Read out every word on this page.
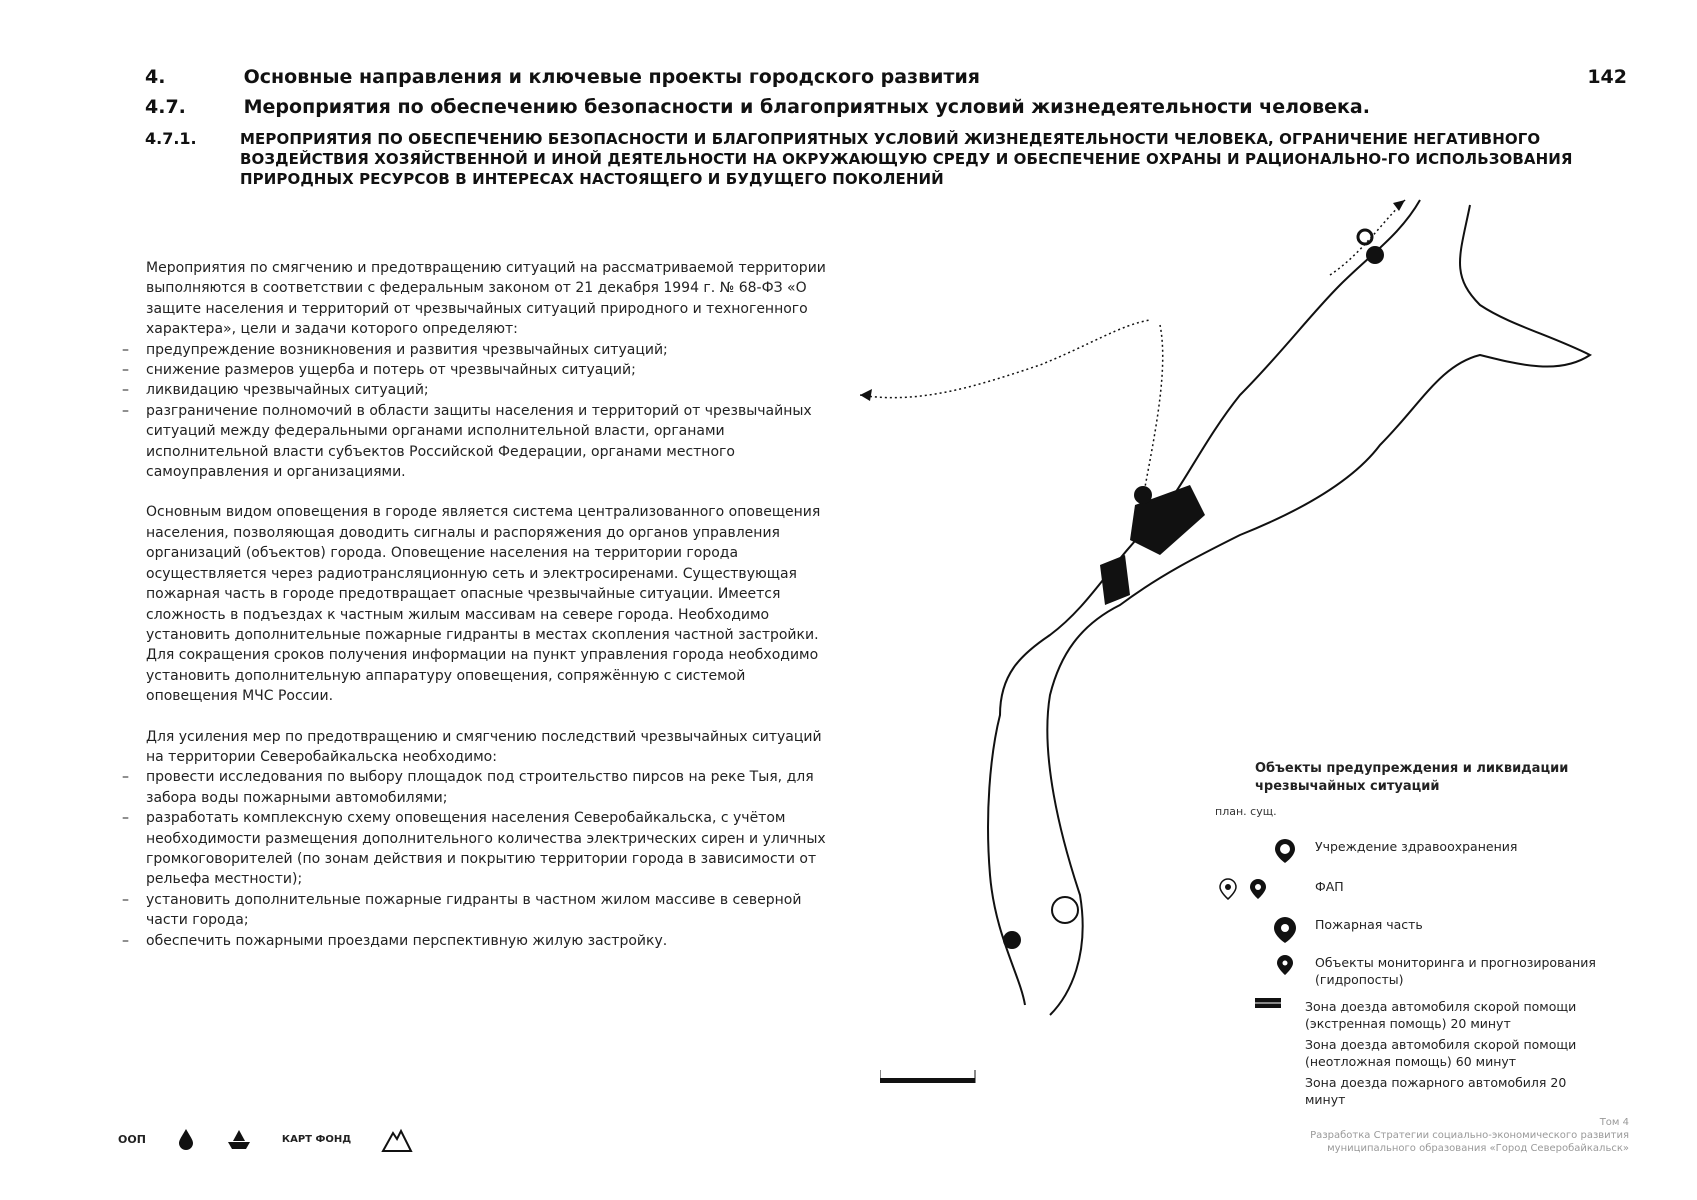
4.	Основные направления и ключевые проекты городского развития	142
4.7.	Мероприятия по обеспечению безопасности и благоприятных условий жизнедеятельности человека.
4.7.1.	МЕРОПРИЯТИЯ ПО ОБЕСПЕЧЕНИЮ БЕЗОПАСНОСТИ И БЛАГОПРИЯТНЫХ УСЛОВИЙ ЖИЗНЕДЕЯТЕЛЬНОСТИ ЧЕЛОВЕКА, ОГРАНИЧЕНИЕ НЕГАТИВНОГО ВОЗДЕЙСТВИЯ ХОЗЯЙСТВЕННОЙ И ИНОЙ ДЕЯТЕЛЬНОСТИ НА ОКРУЖАЮЩУЮ СРЕДУ И ОБЕСПЕЧЕНИЕ ОХРАНЫ И РАЦИОНАЛЬНО-ГО ИСПОЛЬЗОВАНИЯ ПРИРОДНЫХ РЕСУРСОВ В ИНТЕРЕСАХ НАСТОЯЩЕГО И БУДУЩЕГО ПОКОЛЕНИЙ

Мероприятия по смягчению и предотвращению ситуаций на рассматриваемой территории выполняются в соответствии с федеральным законом от 21 декабря 1994 г. № 68-ФЗ «О защите населения и территорий от чрезвычайных ситуаций природного и техногенного характера», цели и задачи которого определяют:

– предупреждение возникновения и развития чрезвычайных ситуаций;
– снижение размеров ущерба и потерь от чрезвычайных ситуаций;
– ликвидацию чрезвычайных ситуаций;
– разграничение полномочий в области защиты населения и территорий от чрезвычайных ситуаций между федеральными органами исполнительной власти, органами исполнительной власти субъектов Российской Федерации, органами местного самоуправления и организациями.

Основным видом оповещения в городе является система централизованного оповещения населения, позволяющая доводить сигналы и распоряжения до органов управления организаций (объектов) города. Оповещение населения на территории города осуществляется через радиотрансляционную сеть и электросиренами. Существующая пожарная часть в городе предотвращает опасные чрезвычайные ситуации. Имеется сложность в подъездах к частным жилым массивам на севере города. Необходимо установить дополнительные пожарные гидранты в местах скопления частной застройки.

Для сокращения сроков получения информации на пункт управления города необходимо установить дополнительную аппаратуру оповещения, сопряжённую с системой оповещения МЧС России.

Для усиления мер по предотвращению и смягчению последствий чрезвычайных ситуаций на территории Северобайкальска необходимо:

– провести исследования по выбору площадок под строительство пирсов на реке Тыя, для забора воды пожарными автомобилями;
– разработать комплексную схему оповещения населения Северобайкальска, с учётом необходимости размещения дополнительного количества электрических сирен и уличных громкоговорителей (по зонам действия и покрытию территории города в зависимости от рельефа местности);
– установить дополнительные пожарные гидранты в частном жилом массиве в северной части города;
– обеспечить пожарными проездами перспективную жилую застройку.
Объекты предупреждения и ликвидации чрезвычайных ситуаций
план. сущ.
Учреждение здравоохранения
ФАП
Пожарная часть
Объекты мониторинга и прогнозирования (гидропосты)
Зона доезда автомобиля скорой помощи (экстренная помощь) 20 минут
Зона доезда автомобиля скорой помощи (неотложная помощь) 60 минут
Зона доезда пожарного автомобиля 20 минут
ООП	КАРТ ФОНД
Том 4
Разработка Стратегии социально-экономического развития муниципального образования «Город Северобайкальск»
